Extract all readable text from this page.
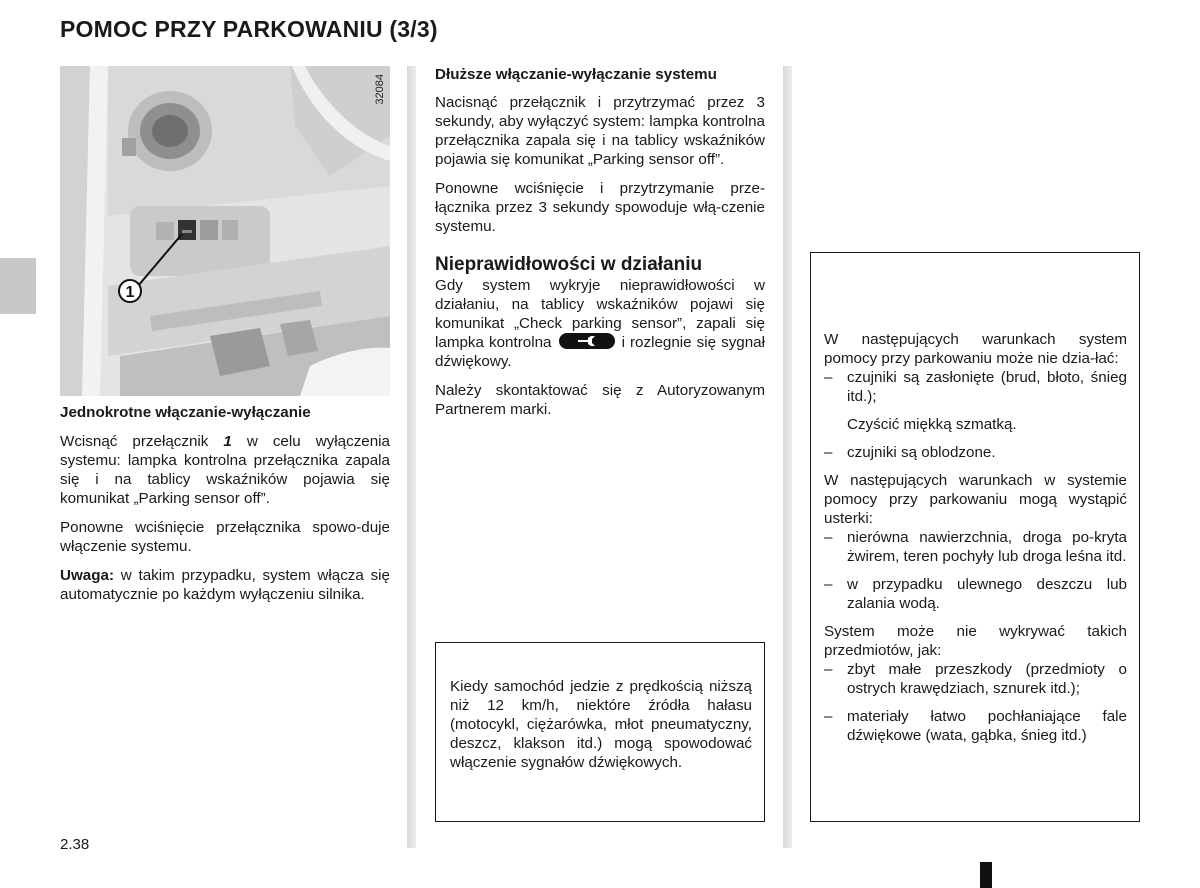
POMOC PRZY PARKOWANIU (3/3)
1
32084

Jednokrotne włączanie-wyłączanie

Wcisnąć przełącznik 1 w celu wyłączenia systemu: lampka kontrolna przełącznika zapala się i na tablicy wskaźników pojawia się komunikat „Parking sensor off”.

Ponowne wciśnięcie przełącznika spowo-duje włączenie systemu.

Uwaga: w takim przypadku, system włącza się automatycznie po każdym wyłączeniu silnika.

Dłuższe włączanie-wyłączanie systemu

Nacisnąć przełącznik i przytrzymać przez 3 sekundy, aby wyłączyć system: lampka kontrolna przełącznika zapala się i na tablicy wskaźników pojawia się komunikat „Parking sensor off”.

Ponowne wciśnięcie i przytrzymanie prze-łącznika przez 3 sekundy spowoduje włą-czenie systemu.

Nieprawidłowości w działaniu

Gdy system wykryje nieprawidłowości w działaniu, na tablicy wskaźników pojawi się komunikat „Check parking sensor”, zapali się lampka kontrolna	i rozlegnie się sygnał dźwiękowy.

Należy skontaktować się z Autoryzowanym Partnerem marki.

Kiedy samochód jedzie z prędkością niższą niż 12 km/h, niektóre źródła hałasu (motocykl, ciężarówka, młot pneumatyczny, deszcz, klakson itd.) mogą spowodować włączenie sygnałów dźwiękowych.

W następujących warunkach system pomocy przy parkowaniu może nie dzia-łać:

– czujniki są zasłonięte (brud, błoto, śnieg itd.);

Czyścić miękką szmatką.

– czujniki są oblodzone.

W następujących warunkach w systemie pomocy przy parkowaniu mogą wystąpić usterki:

– nierówna nawierzchnia, droga po-kryta żwirem, teren pochyły lub droga leśna itd.

– w przypadku ulewnego deszczu lub zalania wodą.

System może nie wykrywać takich przedmiotów, jak:

– zbyt małe przeszkody (przedmioty o ostrych krawędziach, sznurek itd.);

– materiały łatwo pochłaniające fale dźwiękowe (wata, gąbka, śnieg itd.)

2.38
